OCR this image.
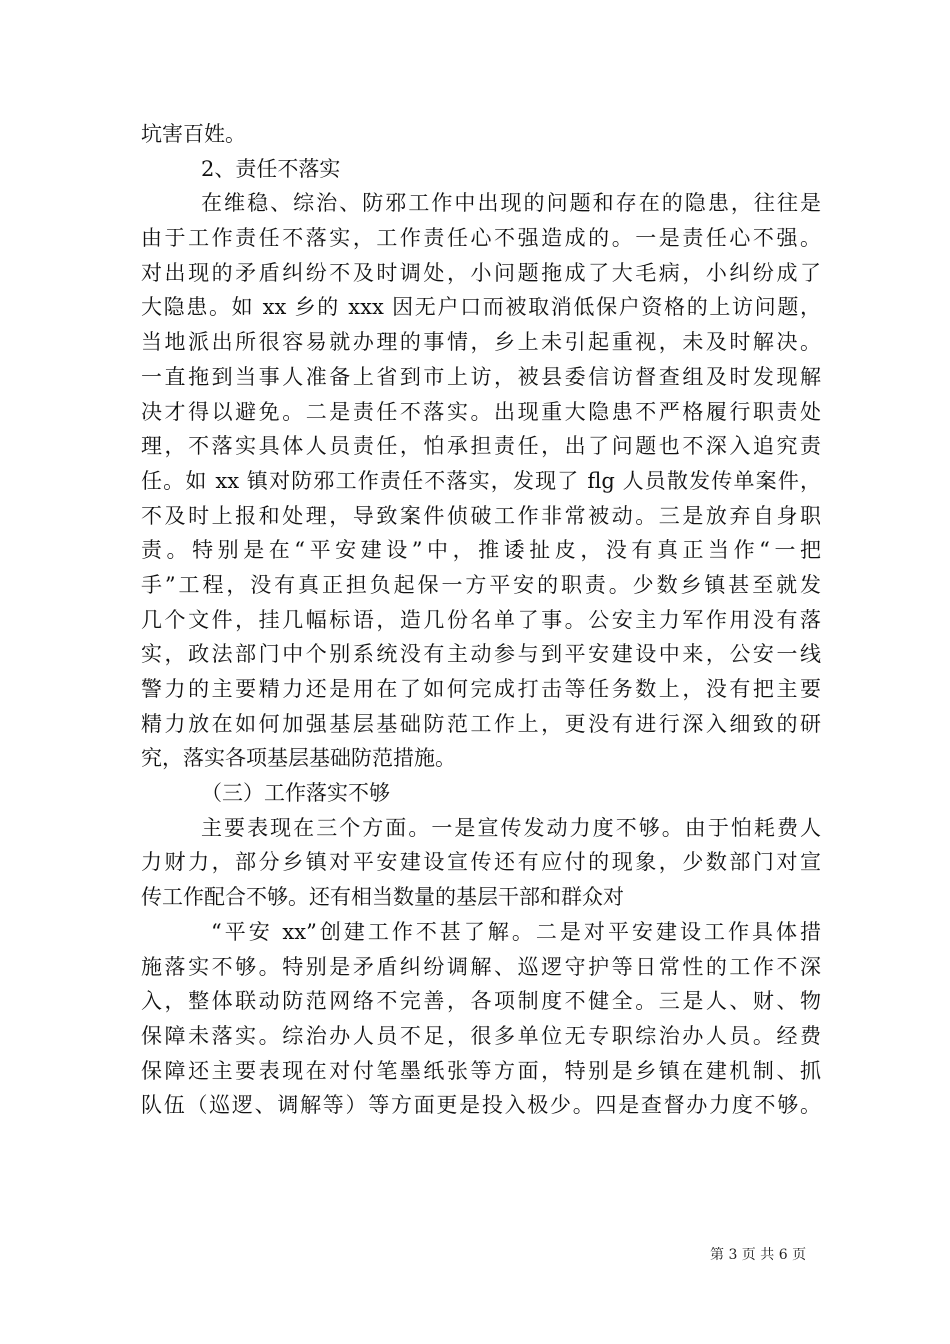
坑害百姓。
2、责任不落实
在维稳、综治、防邪工作中出现的问题和存在的隐患，往往是
由于工作责任不落实，工作责任心不强造成的。一是责任心不强。
对出现的矛盾纠纷不及时调处，小问题拖成了大毛病，小纠纷成了
大隐患。如 xx 乡的 xxx 因无户口而被取消低保户资格的上访问题，
当地派出所很容易就办理的事情，乡上未引起重视，未及时解决。
一直拖到当事人准备上省到市上访，被县委信访督查组及时发现解
决才得以避免。二是责任不落实。出现重大隐患不严格履行职责处
理，不落实具体人员责任，怕承担责任，出了问题也不深入追究责
任。如 xx 镇对防邪工作责任不落实，发现了 flg 人员散发传单案件，
不及时上报和处理，导致案件侦破工作非常被动。三是放弃自身职
责。特别是在“平安建设”中，推诿扯皮，没有真正当作“一把
手”工程，没有真正担负起保一方平安的职责。少数乡镇甚至就发
几个文件，挂几幅标语，造几份名单了事。公安主力军作用没有落
实，政法部门中个别系统没有主动参与到平安建设中来，公安一线
警力的主要精力还是用在了如何完成打击等任务数上，没有把主要
精力放在如何加强基层基础防范工作上，更没有进行深入细致的研
究，落实各项基层基础防范措施。
（三）工作落实不够
主要表现在三个方面。一是宣传发动力度不够。由于怕耗费人
力财力，部分乡镇对平安建设宣传还有应付的现象，少数部门对宣
传工作配合不够。还有相当数量的基层干部和群众对
“平安 xx”创建工作不甚了解。二是对平安建设工作具体措
施落实不够。特别是矛盾纠纷调解、巡逻守护等日常性的工作不深
入，整体联动防范网络不完善，各项制度不健全。三是人、财、物
保障未落实。综治办人员不足，很多单位无专职综治办人员。经费
保障还主要表现在对付笔墨纸张等方面，特别是乡镇在建机制、抓
队伍（巡逻、调解等）等方面更是投入极少。四是查督办力度不够。
第 3 页 共 6 页
